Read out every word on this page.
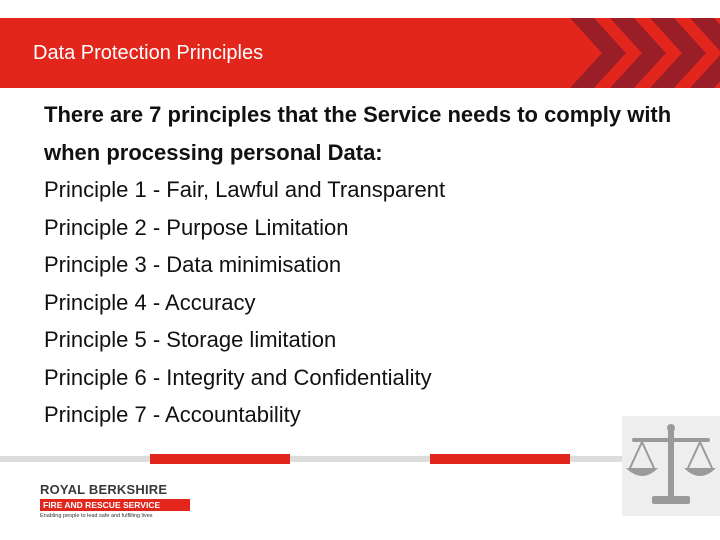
Data Protection Principles
There are 7 principles that the Service needs to comply with when processing personal Data:
Principle 1 - Fair, Lawful and Transparent
Principle 2 - Purpose Limitation
Principle 3 - Data minimisation
Principle 4 - Accuracy
Principle 5 - Storage limitation
Principle 6 - Integrity and Confidentiality
Principle 7 - Accountability
ROYAL BERKSHIRE
FIRE AND RESCUE SERVICE
Enabling people to lead safe and fulfilling lives
